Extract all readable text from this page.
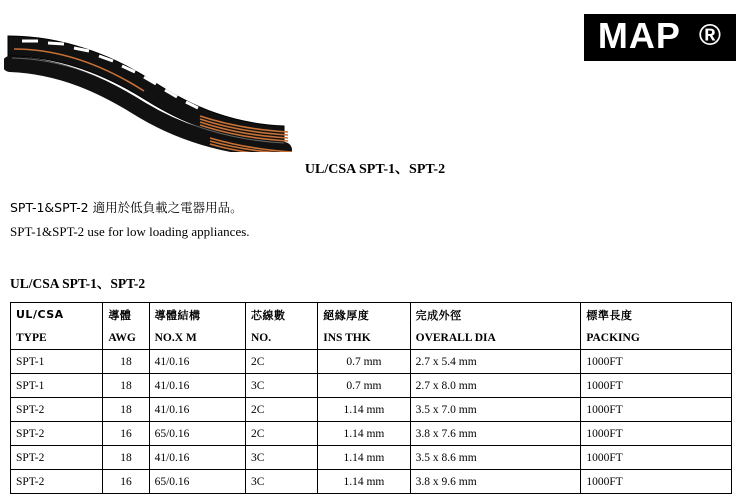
MAP ®
UL/CSA SPT-1、SPT-2
SPT-1&SPT-2 適用於低負載之電器用品。
SPT-1&SPT-2 use for low loading appliances.
UL/CSA SPT-1、SPT-2
UL/CSA	導體	導體結構	芯線數	絕緣厚度	完成外徑	標準長度
TYPE	AWG	NO.X M	NO.	INS THK	OVERALL DIA	PACKING
SPT-1	18	41/0.16	2C	0.7 mm	2.7 x 5.4 mm	1000FT
SPT-1	18	41/0.16	3C	0.7 mm	2.7 x 8.0 mm	1000FT
SPT-2	18	41/0.16	2C	1.14 mm	3.5 x 7.0 mm	1000FT
SPT-2	16	65/0.16	2C	1.14 mm	3.8 x 7.6 mm	1000FT
SPT-2	18	41/0.16	3C	1.14 mm	3.5 x 8.6 mm	1000FT
SPT-2	16	65/0.16	3C	1.14 mm	3.8 x 9.6 mm	1000FT
